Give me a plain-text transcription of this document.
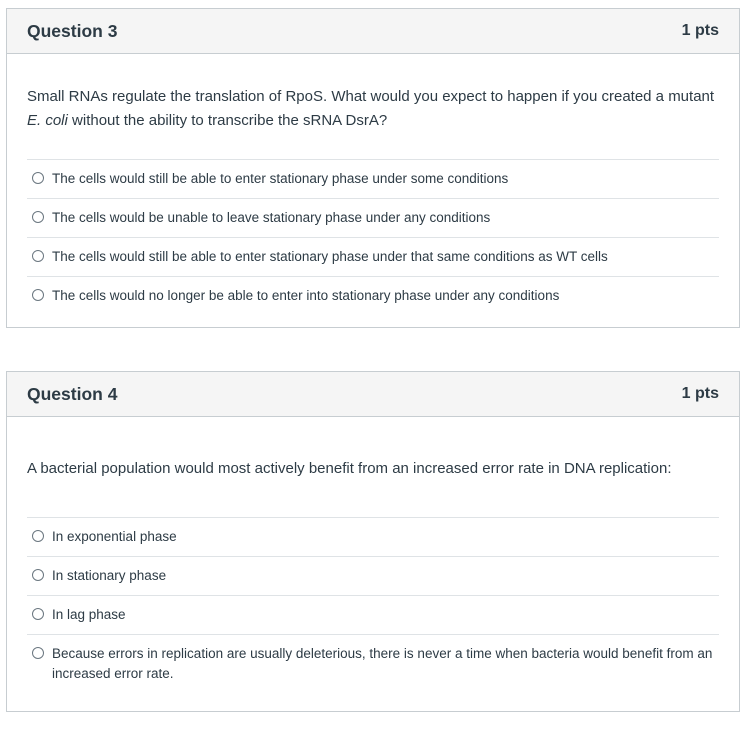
Question 3	1 pts
Small RNAs regulate the translation of RpoS. What would you expect to happen if you created a mutant E. coli without the ability to transcribe the sRNA DsrA?
The cells would still be able to enter stationary phase under some conditions
The cells would be unable to leave stationary phase under any conditions
The cells would still be able to enter stationary phase under that same conditions as WT cells
The cells would no longer be able to enter into stationary phase under any conditions
Question 4	1 pts
A bacterial population would most actively benefit from an increased error rate in DNA replication:
In exponential phase
In stationary phase
In lag phase
Because errors in replication are usually deleterious, there is never a time when bacteria would benefit from an increased error rate.
